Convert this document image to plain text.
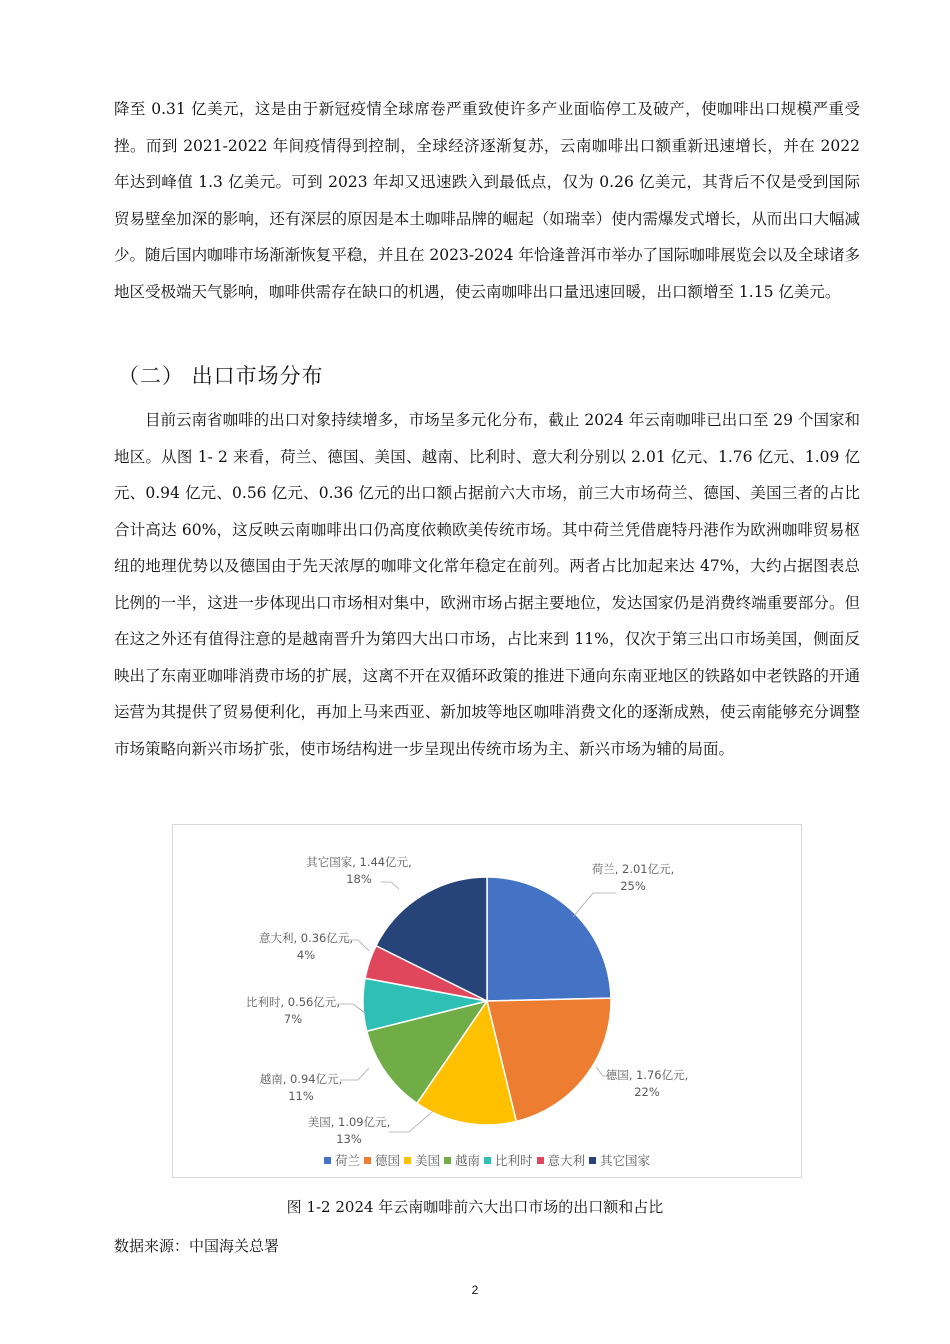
降至 0.31 亿美元，这是由于新冠疫情全球席卷严重致使许多产业面临停工及破产，使咖啡出口规模严重受挫。而到 2021-2022 年间疫情得到控制，全球经济逐渐复苏，云南咖啡出口额重新迅速增长，并在 2022 年达到峰值 1.3 亿美元。可到 2023 年却又迅速跌入到最低点，仅为 0.26 亿美元，其背后不仅是受到国际贸易壁垒加深的影响，还有深层的原因是本土咖啡品牌的崛起（如瑞幸）使内需爆发式增长，从而出口大幅减少。随后国内咖啡市场渐渐恢复平稳，并且在 2023-2024 年恰逢普洱市举办了国际咖啡展览会以及全球诸多地区受极端天气影响，咖啡供需存在缺口的机遇，使云南咖啡出口量迅速回暖，出口额增至 1.15 亿美元。

（二） 出口市场分布

目前云南省咖啡的出口对象持续增多，市场呈多元化分布，截止 2024 年云南咖啡已出口至 29 个国家和地区。从图 1- 2 来看，荷兰、德国、美国、越南、比利时、意大利分别以 2.01 亿元、1.76 亿元、1.09 亿元、0.94 亿元、0.56 亿元、0.36 亿元的出口额占据前六大市场，前三大市场荷兰、德国、美国三者的占比合计高达 60%，这反映云南咖啡出口仍高度依赖欧美传统市场。其中荷兰凭借鹿特丹港作为欧洲咖啡贸易枢纽的地理优势以及德国由于先天浓厚的咖啡文化常年稳定在前列。两者占比加起来达 47%，大约占据图表总比例的一半，这进一步体现出口市场相对集中，欧洲市场占据主要地位，发达国家仍是消费终端重要部分。但在这之外还有值得注意的是越南晋升为第四大出口市场，占比来到 11%，仅次于第三出口市场美国，侧面反映出了东南亚咖啡消费市场的扩展，这离不开在双循环政策的推进下通向东南亚地区的铁路如中老铁路的开通运营为其提供了贸易便利化，再加上马来西亚、新加坡等地区咖啡消费文化的逐渐成熟，使云南能够充分调整市场策略向新兴市场扩张，使市场结构进一步呈现出传统市场为主、新兴市场为辅的局面。

荷兰, 2.01亿元, 25%
德国, 1.76亿元, 22%
美国, 1.09亿元, 13%
越南, 0.94亿元, 11%
比利时, 0.56亿元, 7%
意大利, 0.36亿元, 4%
其它国家, 1.44亿元, 18%
荷兰 德国 美国 越南 比利时 意大利 其它国家

图 1-2 2024 年云南咖啡前六大出口市场的出口额和占比

数据来源：中国海关总署

2
